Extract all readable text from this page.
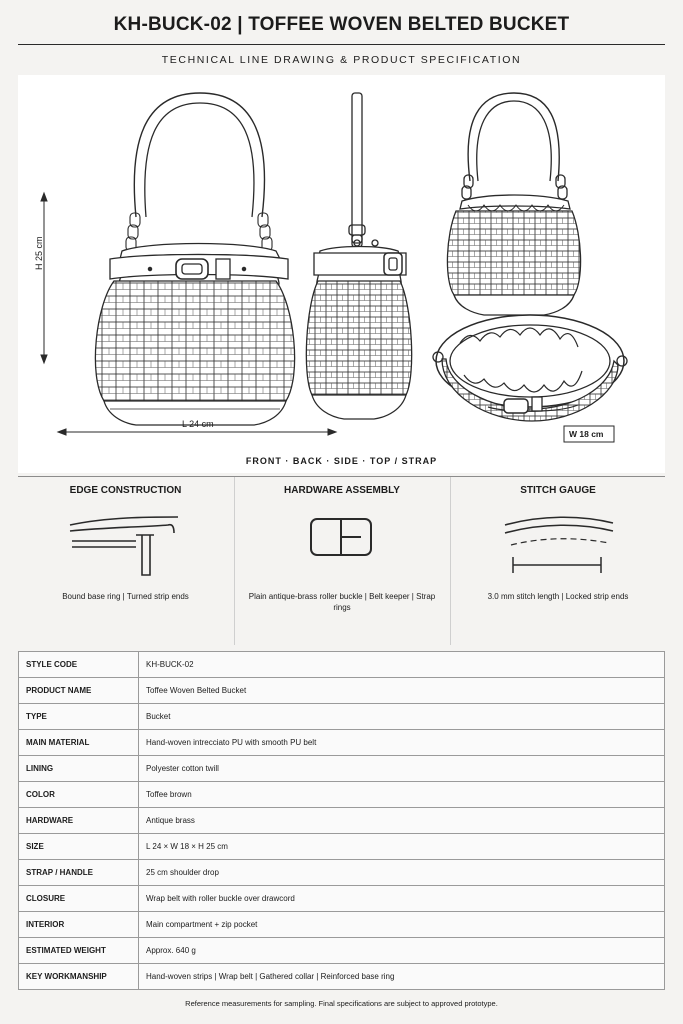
KH-BUCK-02 | TOFFEE WOVEN BELTED BUCKET
TECHNICAL LINE DRAWING & PRODUCT SPECIFICATION
H 25 cm
L 24 cm
W 18 cm
FRONT · BACK · SIDE · TOP / STRAP
EDGE CONSTRUCTION
Bound base ring | Turned strip ends
HARDWARE ASSEMBLY
Plain antique-brass roller buckle | Belt keeper | Strap rings
STITCH GAUGE
3.0 mm stitch length | Locked strip ends
STYLE CODE	KH-BUCK-02
PRODUCT NAME	Toffee Woven Belted Bucket
TYPE	Bucket
MAIN MATERIAL	Hand-woven intrecciato PU with smooth PU belt
LINING	Polyester cotton twill
COLOR	Toffee brown
HARDWARE	Antique brass
SIZE	L 24 × W 18 × H 25 cm
STRAP / HANDLE	25 cm shoulder drop
CLOSURE	Wrap belt with roller buckle over drawcord
INTERIOR	Main compartment + zip pocket
ESTIMATED WEIGHT	Approx. 640 g
KEY WORKMANSHIP	Hand-woven strips | Wrap belt | Gathered collar | Reinforced base ring
Reference measurements for sampling. Final specifications are subject to approved prototype.
